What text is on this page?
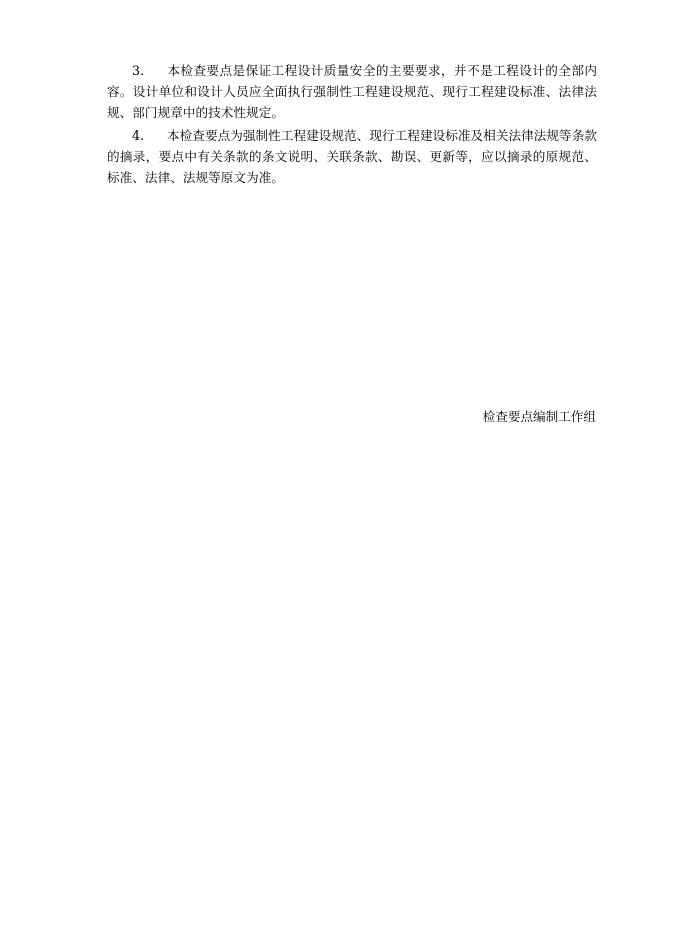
3. 本检查要点是保证工程设计质量安全的主要要求，并不是工程设计的全部内容。设计单位和设计人员应全面执行强制性工程建设规范、现行工程建设标准、法律法规、部门规章中的技术性规定。

4. 本检查要点为强制性工程建设规范、现行工程建设标准及相关法律法规等条款的摘录，要点中有关条款的条文说明、关联条款、勘误、更新等，应以摘录的原规范、标准、法律、法规等原文为准。

检查要点编制工作组
